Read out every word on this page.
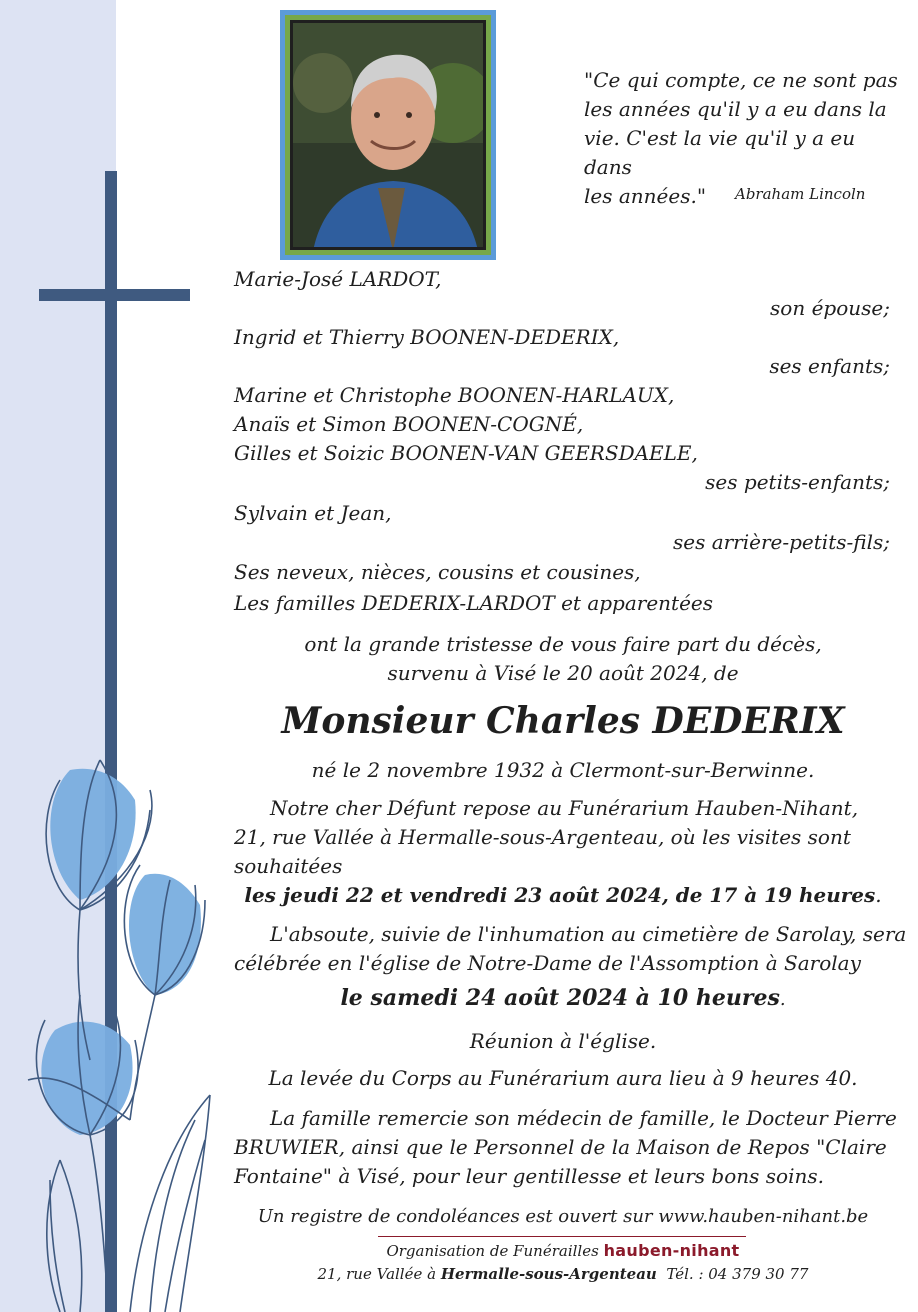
"Ce qui compte, ce ne sont pas
les années qu'il y a eu dans la
vie. C'est la vie qu'il y a eu dans
les années."	Abraham Lincoln
Marie-José LARDOT,
son épouse;
Ingrid et Thierry BOONEN-DEDERIX,
ses enfants;
Marine et Christophe BOONEN-HARLAUX,
Anaïs et Simon BOONEN-COGNÉ,
Gilles et Soizic BOONEN-VAN GEERSDAELE,
ses petits-enfants;
Sylvain et Jean,
ses arrière-petits-fils;
Ses neveux, nièces, cousins et cousines,
Les familles DEDERIX-LARDOT et apparentées
ont la grande tristesse de vous faire part du décès,
survenu à Visé le 20 août 2024, de
Monsieur Charles DEDERIX
né le 2 novembre 1932 à Clermont-sur-Berwinne.
Notre cher Défunt repose au Funérarium Hauben-Nihant,
21, rue Vallée à Hermalle-sous-Argenteau, où les visites sont
souhaitées
les jeudi 22 et vendredi 23 août 2024, de 17 à 19 heures.
L'absoute, suivie de l'inhumation au cimetière de Sarolay, sera
célébrée en l'église de Notre-Dame de l'Assomption à Sarolay
le samedi 24 août 2024 à 10 heures.
Réunion à l'église.
La levée du Corps au Funérarium aura lieu à 9 heures 40.
La famille remercie son médecin de famille, le Docteur Pierre
BRUWIER, ainsi que le Personnel de la Maison de Repos "Claire
Fontaine" à Visé, pour leur gentillesse et leurs bons soins.
Un registre de condoléances est ouvert sur www.hauben-nihant.be
Organisation de Funérailles hauben-nihant
21, rue Vallée à Hermalle-sous-Argenteau Tél. : 04 379 30 77
